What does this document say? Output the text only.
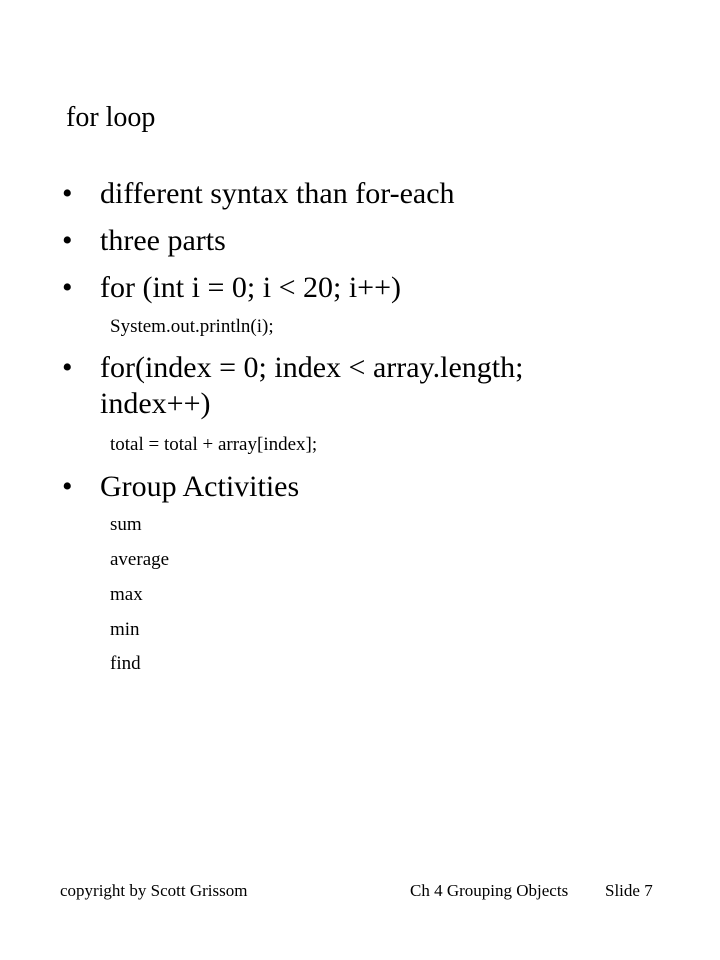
for loop
• different syntax than for-each
• three parts
• for (int i = 0; i < 20; i++)
System.out.println(i);
• for(index = 0; index < array.length;
index++)
total = total + array[index];
• Group Activities
sum
average
max
min
find
copyright by Scott Grissom	Ch 4 Grouping Objects Slide 7
